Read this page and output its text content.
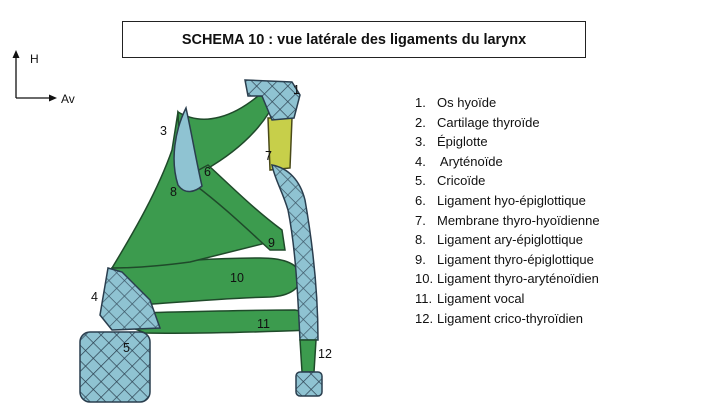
SCHEMA 10 : vue latérale des ligaments du larynx
H
Av
1
7
3
6
8
9
10
4
11
5	12
1. Os hyoïde
2. Cartilage thyroïde
3. Épiglotte
4. Aryténoïde
5. Cricoïde
6. Ligament hyo-épiglottique
7. Membrane thyro-hyoïdienne
8. Ligament ary-épiglottique
9. Ligament thyro-épiglottique
10. Ligament thyro-aryténoïdien
11. Ligament vocal
12. Ligament crico-thyroïdien
